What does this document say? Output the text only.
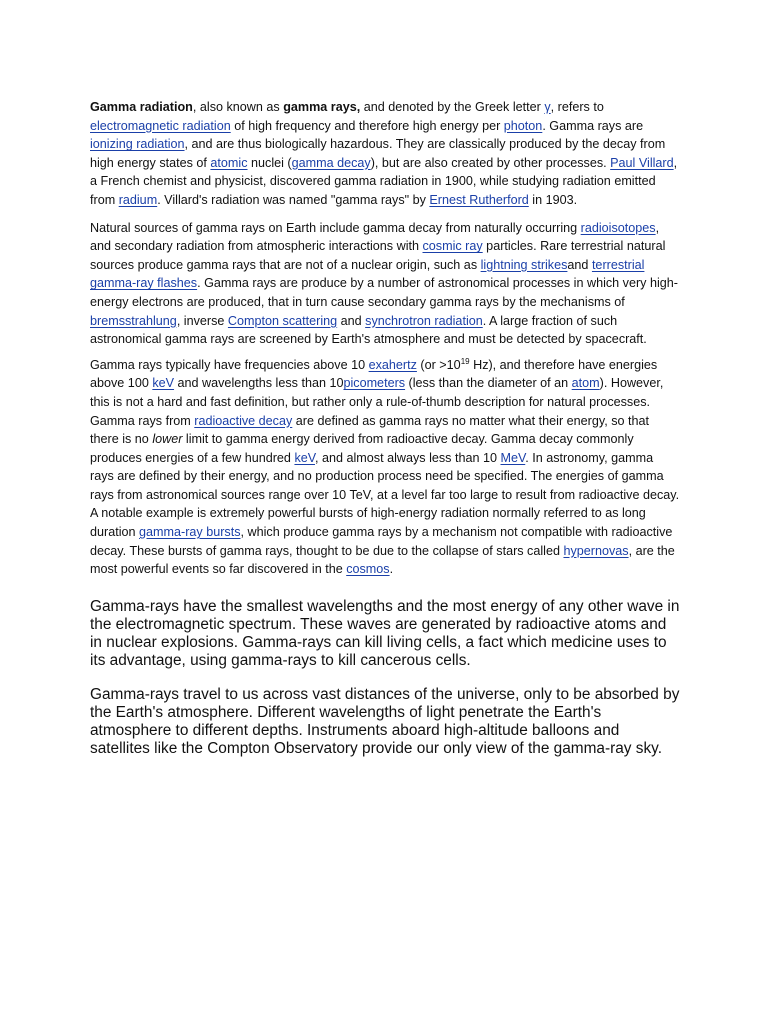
Gamma radiation, also known as gamma rays, and denoted by the Greek letter γ, refers to electromagnetic radiation of high frequency and therefore high energy per photon. Gamma rays are ionizing radiation, and are thus biologically hazardous. They are classically produced by the decay from high energy states of atomic nuclei (gamma decay), but are also created by other processes. Paul Villard, a French chemist and physicist, discovered gamma radiation in 1900, while studying radiation emitted from radium. Villard's radiation was named "gamma rays" by Ernest Rutherford in 1903.

Natural sources of gamma rays on Earth include gamma decay from naturally occurring radioisotopes, and secondary radiation from atmospheric interactions with cosmic ray particles. Rare terrestrial natural sources produce gamma rays that are not of a nuclear origin, such as lightning strikesand terrestrial gamma-ray flashes. Gamma rays are produce by a number of astronomical processes in which very high-energy electrons are produced, that in turn cause secondary gamma rays by the mechanisms of bremsstrahlung, inverse Compton scattering and synchrotron radiation. A large fraction of such astronomical gamma rays are screened by Earth's atmosphere and must be detected by spacecraft.

Gamma rays typically have frequencies above 10 exahertz ($or >10^{19}$ Hz), and therefore have energies above 100 keV and wavelengths less than 10picometers (less than the diameter of an atom). However, this is not a hard and fast definition, but rather only a rule-of-thumb description for natural processes. Gamma rays from radioactive decay are defined as gamma rays no matter what their energy, so that there is no lower limit to gamma energy derived from radioactive decay. Gamma decay commonly produces energies of a few hundred keV, and almost always less than 10 MeV. In astronomy, gamma rays are defined by their energy, and no production process need be specified. The energies of gamma rays from astronomical sources range over 10 TeV, at a level far too large to result from radioactive decay. A notable example is extremely powerful bursts of high-energy radiation normally referred to as long duration gamma-ray bursts, which produce gamma rays by a mechanism not compatible with radioactive decay. These bursts of gamma rays, thought to be due to the collapse of stars called hypernovas, are the most powerful events so far discovered in the cosmos.

Gamma-rays have the smallest wavelengths and the most energy of any other wave in the electromagnetic spectrum. These waves are generated by radioactive atoms and in nuclear explosions. Gamma-rays can kill living cells, a fact which medicine uses to its advantage, using gamma-rays to kill cancerous cells.

Gamma-rays travel to us across vast distances of the universe, only to be absorbed by the Earth's atmosphere. Different wavelengths of light penetrate the Earth's atmosphere to different depths. Instruments aboard high-altitude balloons and satellites like the Compton Observatory provide our only view of the gamma-ray sky.
